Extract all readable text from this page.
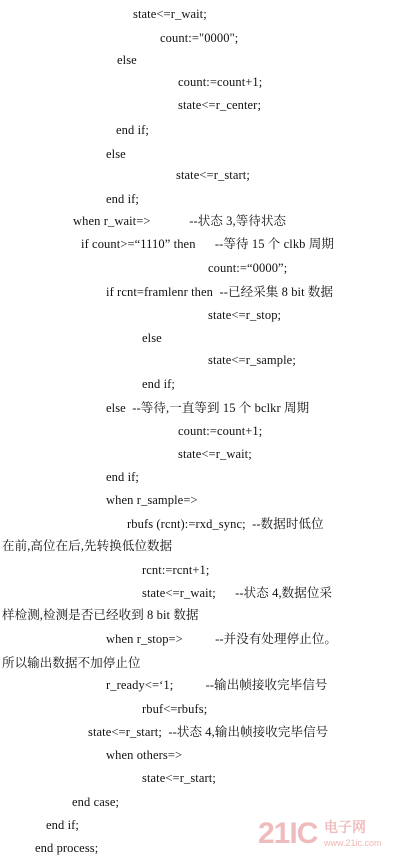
state<=r_wait;
count:="0000";
else
count:=count+1;
state<=r_center;
end if;
else
state<=r_start;
end if;
when r_wait=>            --状态 3,等待状态
if count>=“1110” then      --等待 15 个 clkb 周期
count:=“0000”;
if rcnt=framlenr then  --已经采集 8 bit 数据
state<=r_stop;
else
state<=r_sample;
end if;
else  --等待,一直等到 15 个 bclkr 周期
count:=count+1;
state<=r_wait;
end if;
when r_sample=>
rbufs (rcnt):=rxd_sync;  --数据时低位
在前,高位在后,先转换低位数据
rcnt:=rcnt+1;
state<=r_wait;      --状态 4,数据位采
样检测,检测是否已经收到 8 bit 数据
when r_stop=>          --并没有处理停止位。
所以输出数据不加停止位
r_ready<=‘1;          --输出帧接收完毕信号
rbuf<=rbufs;
state<=r_start;  --状态 4,输出帧接收完毕信号
when others=>
state<=r_start;
end case;
end if;
end process;	21IC 电子网
www.21ic.com
